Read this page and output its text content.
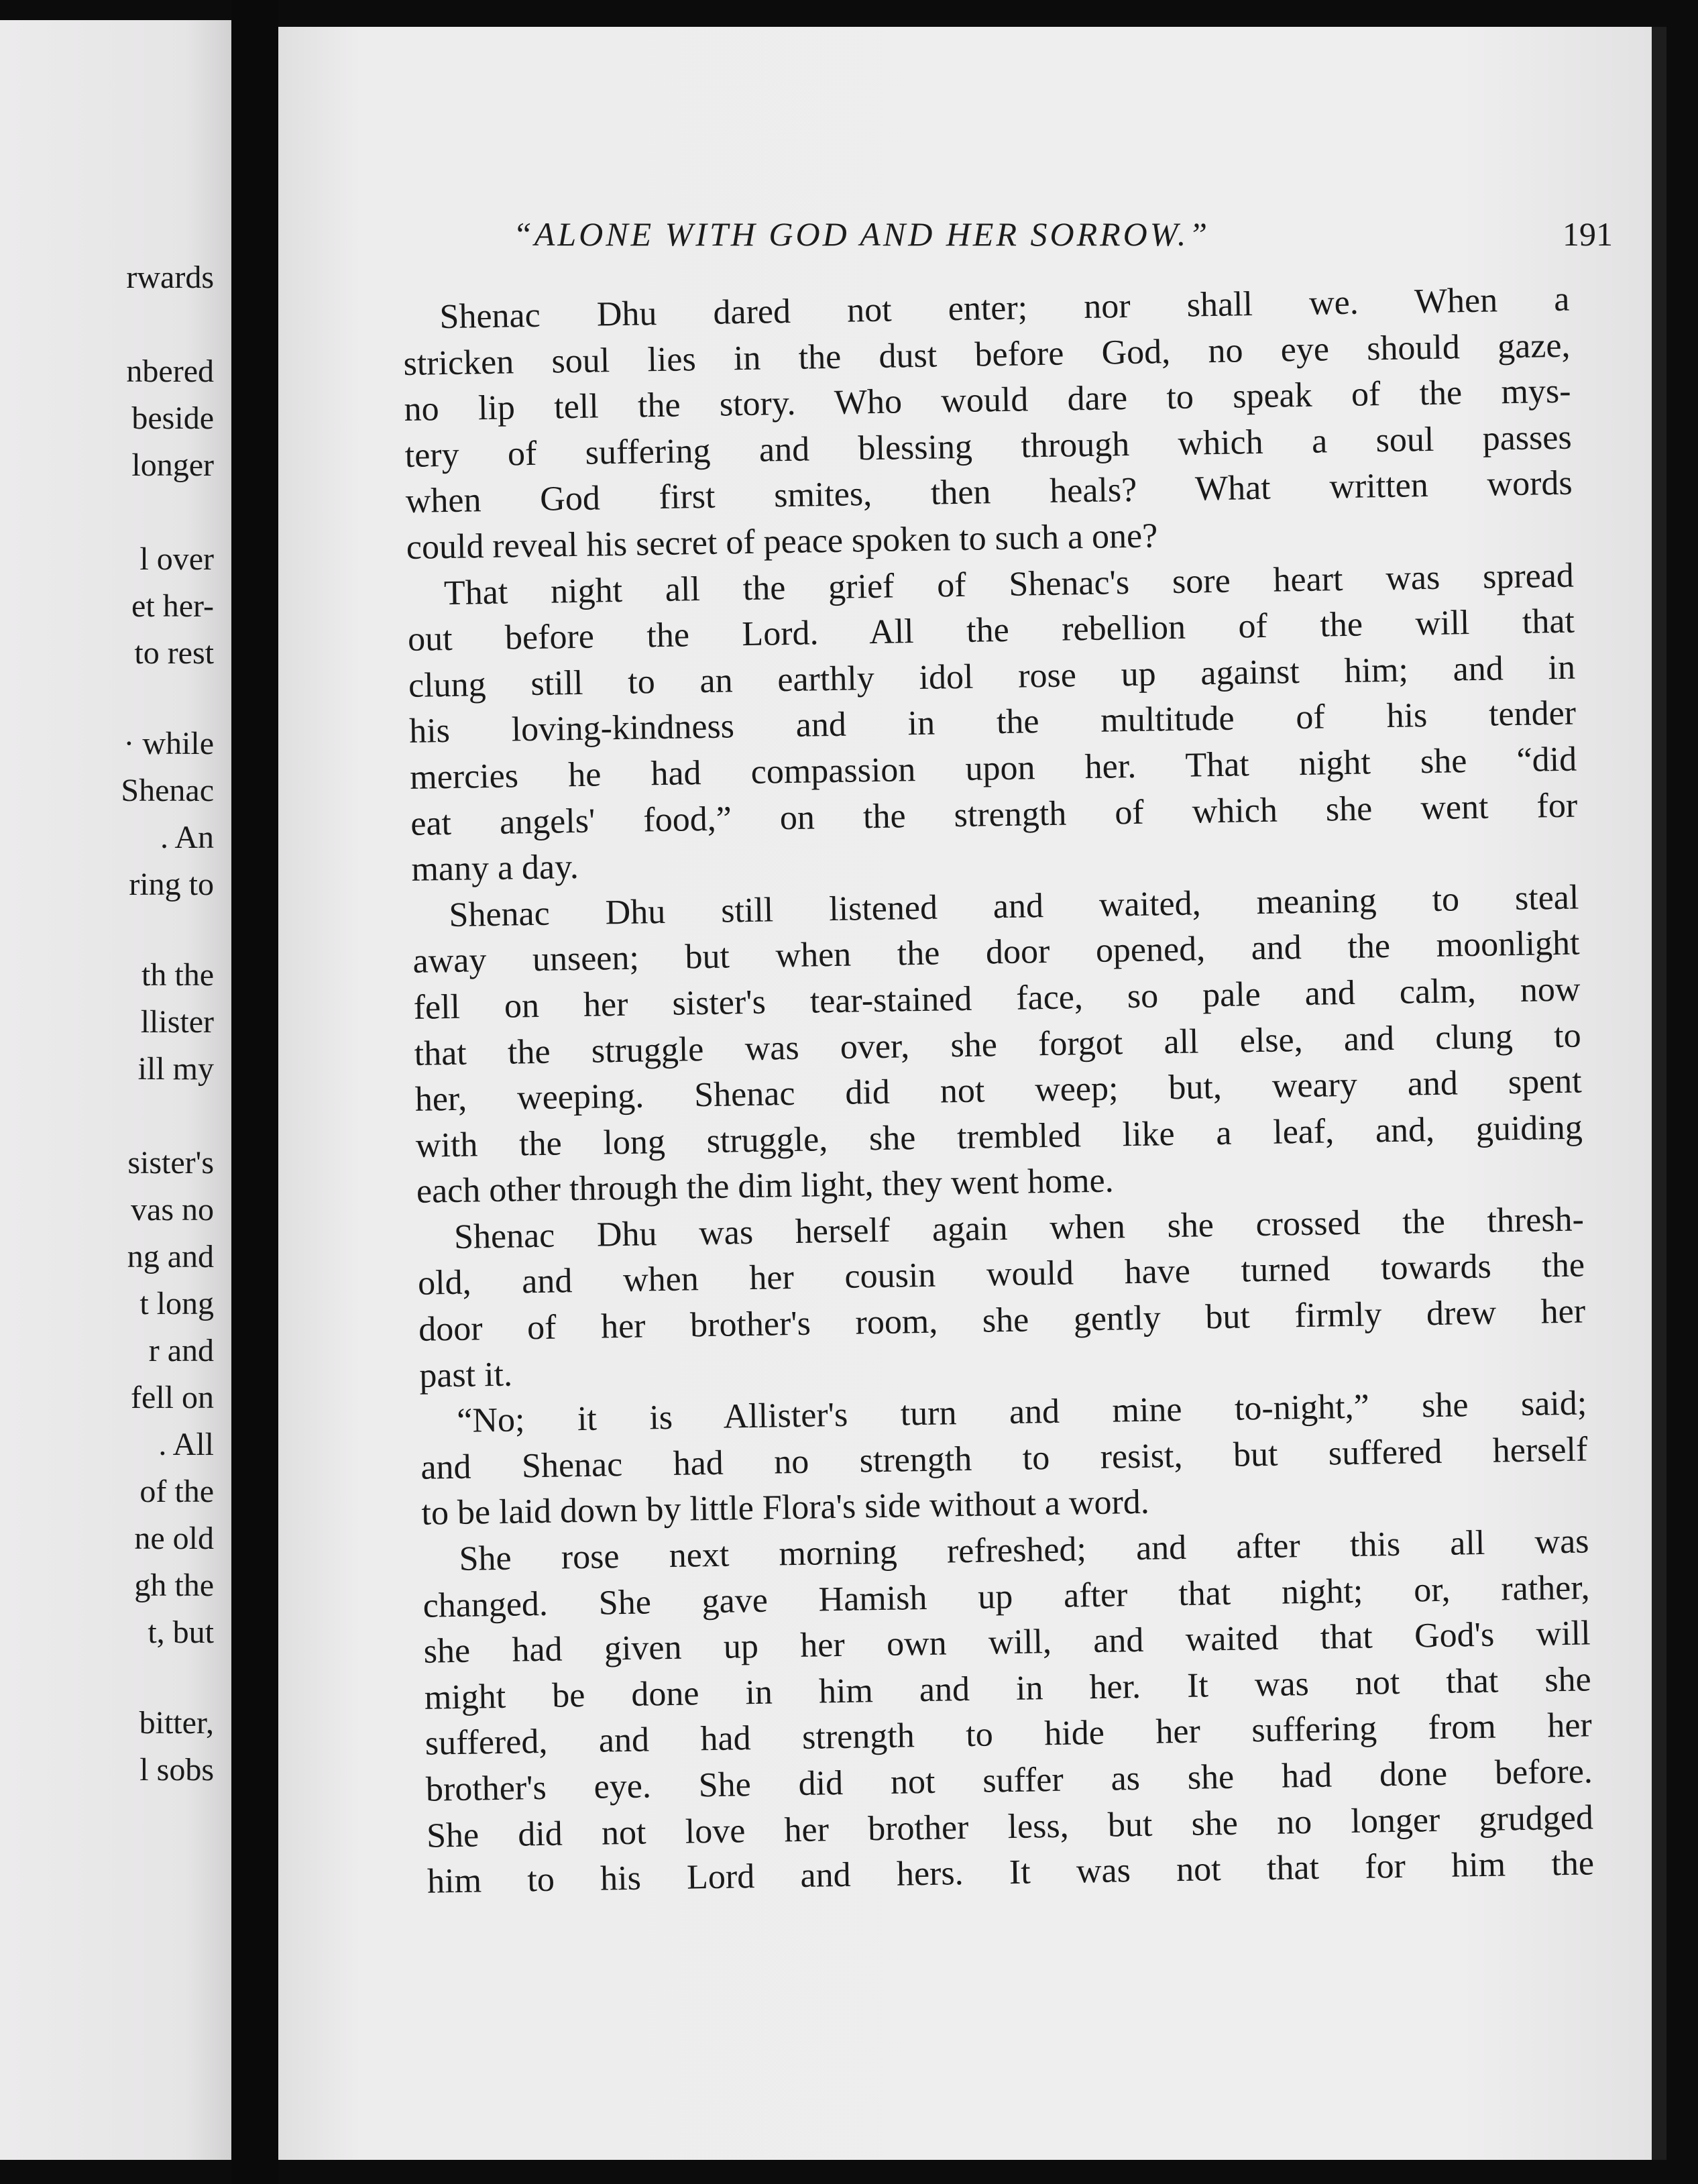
rwards
nbered
beside
longer
l over
et her-
to rest
· while
Shenac
. An
ring to
th the
llister
ill my
sister's
vas no
ng and
t long
r and
fell on
. All
of the
ne old
gh the
t, but
bitter,
l sobs
“ALONE WITH GOD AND HER SORROW.”	191
Shenac Dhu dared not enter; nor shall we. When a
stricken soul lies in the dust before God, no eye should gaze,
no lip tell the story. Who would dare to speak of the mys-
tery of suffering and blessing through which a soul passes
when God first smites, then heals? What written words
could reveal his secret of peace spoken to such a one?
That night all the grief of Shenac's sore heart was spread
out before the Lord. All the rebellion of the will that
clung still to an earthly idol rose up against him; and in
his loving-kindness and in the multitude of his tender
mercies he had compassion upon her. That night she “did
eat angels' food,” on the strength of which she went for
many a day.
Shenac Dhu still listened and waited, meaning to steal
away unseen; but when the door opened, and the moonlight
fell on her sister's tear-stained face, so pale and calm, now
that the struggle was over, she forgot all else, and clung to
her, weeping. Shenac did not weep; but, weary and spent
with the long struggle, she trembled like a leaf, and, guiding
each other through the dim light, they went home.
Shenac Dhu was herself again when she crossed the thresh-
old, and when her cousin would have turned towards the
door of her brother's room, she gently but firmly drew her
past it.
“No; it is Allister's turn and mine to-night,” she said;
and Shenac had no strength to resist, but suffered herself
to be laid down by little Flora's side without a word.
She rose next morning refreshed; and after this all was
changed. She gave Hamish up after that night; or, rather,
she had given up her own will, and waited that God's will
might be done in him and in her. It was not that she
suffered, and had strength to hide her suffering from her
brother's eye. She did not suffer as she had done before.
She did not love her brother less, but she no longer grudged
him to his Lord and hers. It was not that for him the
